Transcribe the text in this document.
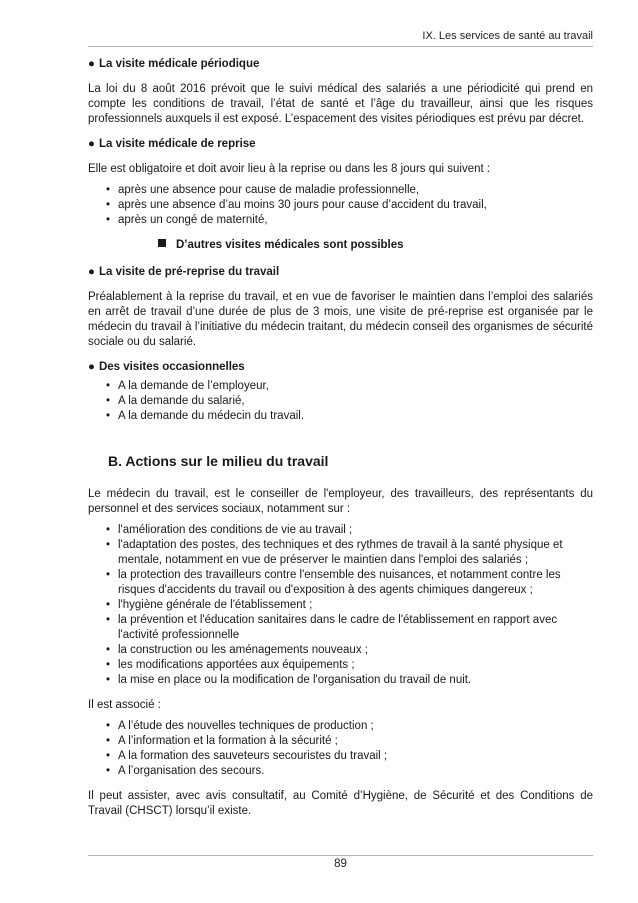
IX. Les services de santé au travail
● La visite médicale périodique
La loi du 8 août 2016 prévoit que le suivi médical des salariés a une périodicité qui prend en compte les conditions de travail, l’état de santé et l’âge du travailleur, ainsi que les risques professionnels auxquels il est exposé. L’espacement des visites périodiques est prévu par décret.
● La visite médicale de reprise
Elle est obligatoire et doit avoir lieu à la reprise ou dans les 8 jours qui suivent :
• après une absence pour cause de maladie professionnelle,
• après une absence d’au moins 30 jours pour cause d’accident du travail,
• après un congé de maternité,
D’autres visites médicales sont possibles
● La visite de pré-reprise du travail
Préalablement à la reprise du travail, et en vue de favoriser le maintien dans l’emploi des salariés en arrêt de travail d’une durée de plus de 3 mois, une visite de pré-reprise est organisée par le médecin du travail à l’initiative du médecin traitant, du médecin conseil des organismes de sécurité sociale ou du salarié.
● Des visites occasionnelles
• A la demande de l’employeur,
• A la demande du salarié,
• A la demande du médecin du travail.
B. Actions sur le milieu du travail
Le médecin du travail, est le conseiller de l'employeur, des travailleurs, des représentants du personnel et des services sociaux, notamment sur :
• l'amélioration des conditions de vie au travail ;
• l'adaptation des postes, des techniques et des rythmes de travail à la santé physique et mentale, notamment en vue de préserver le maintien dans l'emploi des salariés ;
• la protection des travailleurs contre l'ensemble des nuisances, et notamment contre les risques d'accidents du travail ou d'exposition à des agents chimiques dangereux ;
• l'hygiène générale de l'établissement ;
• la prévention et l'éducation sanitaires dans le cadre de l'établissement en rapport avec l'activité professionnelle
• la construction ou les aménagements nouveaux ;
• les modifications apportées aux équipements ;
• la mise en place ou la modification de l'organisation du travail de nuit.
Il est associé :
• A l’étude des nouvelles techniques de production ;
• A l’information et la formation à la sécurité ;
• A la formation des sauveteurs secouristes du travail ;
• A l’organisation des secours.
Il peut assister, avec avis consultatif, au Comité d’Hygiène, de Sécurité et des Conditions de Travail (CHSCT) lorsqu’il existe.
89
